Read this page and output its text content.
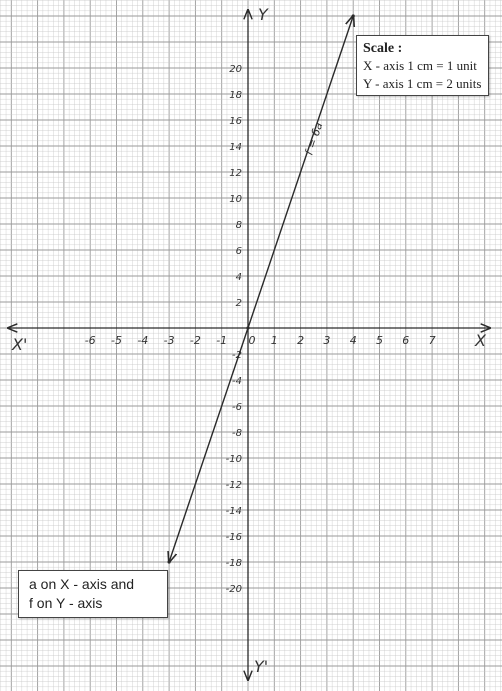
-6 -5 -4 -3 -2 -1 0 1 2 3 4 5 6 7
20
18
16
14
12
10
8
6
4
2
-2
-4
-6
-8
-10
-12
-14
-16
-18
-20
X
X'
Y
Y'
f = 6a
Scale :
X - axis 1 cm = 1 unit
Y - axis 1 cm = 2 units
a on X - axis and
f on Y - axis
